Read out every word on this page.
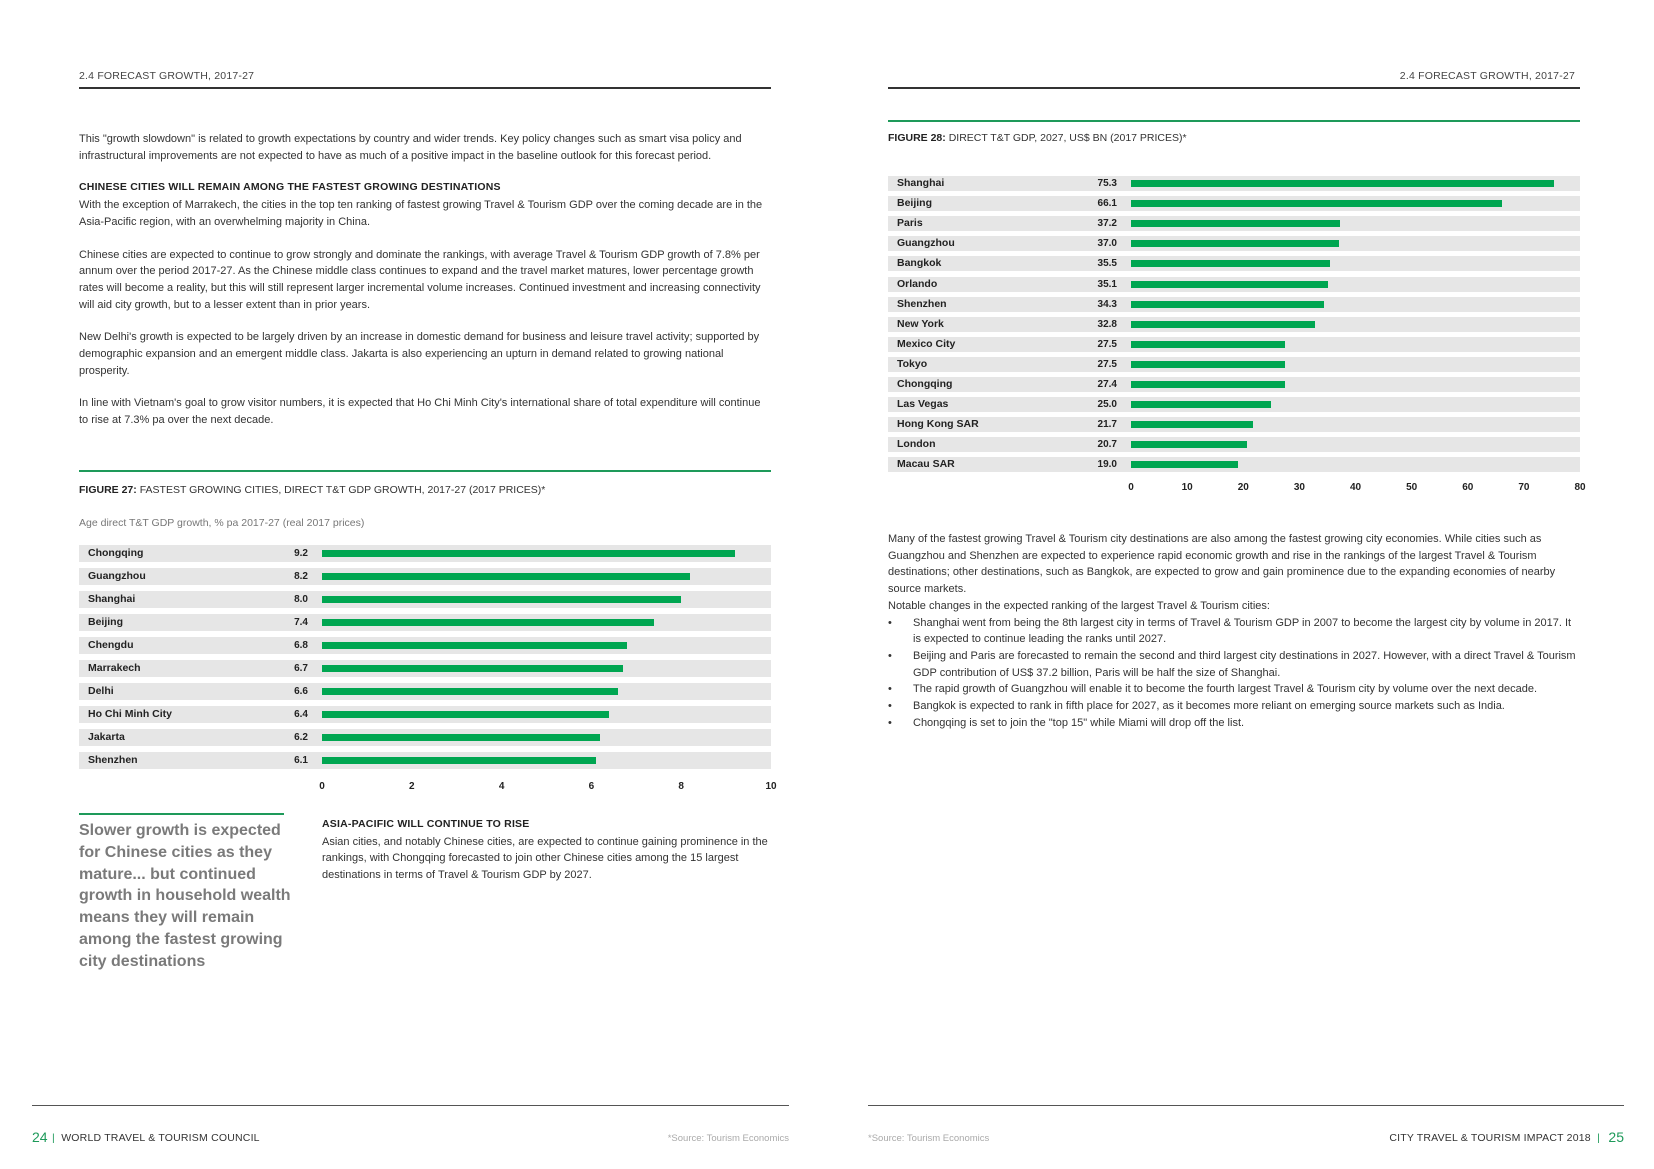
2.4 FORECAST GROWTH, 2017-27	2.4 FORECAST GROWTH, 2017-27

This "growth slowdown" is related to growth expectations by country and wider trends. Key policy changes such as smart visa policy and infrastructural improvements are not expected to have as much of a positive impact in the baseline outlook for this forecast period.

CHINESE CITIES WILL REMAIN AMONG THE FASTEST GROWING DESTINATIONS

With the exception of Marrakech, the cities in the top ten ranking of fastest growing Travel & Tourism GDP over the coming decade are in the Asia-Pacific region, with an overwhelming majority in China.

Chinese cities are expected to continue to grow strongly and dominate the rankings, with average Travel & Tourism GDP growth of 7.8% per annum over the period 2017-27. As the Chinese middle class continues to expand and the travel market matures, lower percentage growth rates will become a reality, but this will still represent larger incremental volume increases. Continued investment and increasing connectivity will aid city growth, but to a lesser extent than in prior years.

New Delhi's growth is expected to be largely driven by an increase in domestic demand for business and leisure travel activity; supported by demographic expansion and an emergent middle class. Jakarta is also experiencing an upturn in demand related to growing national prosperity.

In line with Vietnam's goal to grow visitor numbers, it is expected that Ho Chi Minh City's international share of total expenditure will continue to rise at 7.3% pa over the next decade.

FIGURE 27: FASTEST GROWING CITIES, DIRECT T&T GDP GROWTH, 2017-27 (2017 PRICES)*
Age direct T&T GDP growth, % pa 2017-27 (real 2017 prices)
Chongqing	9.2
Guangzhou	8.2
Shanghai	8.0
Beijing	7.4
Chengdu	6.8
Marrakech	6.7
Delhi	6.6
Ho Chi Minh City	6.4
Jakarta	6.2
Shenzhen	6.1
0	2	4	6	8	10
Slower growth is expected for Chinese cities as they mature... but continued growth in household wealth means they will remain among the fastest growing city destinations
ASIA-PACIFIC WILL CONTINUE TO RISE

Asian cities, and notably Chinese cities, are expected to continue gaining prominence in the rankings, with Chongqing forecasted to join other Chinese cities among the 15 largest destinations in terms of Travel & Tourism GDP by 2027.

FIGURE 28: DIRECT T&T GDP, 2027, US$ BN (2017 PRICES)*
Shanghai	75.3
Beijing	66.1
Paris	37.2
Guangzhou	37.0
Bangkok	35.5
Orlando	35.1
Shenzhen	34.3
New York	32.8
Mexico City	27.5
Tokyo	27.5
Chongqing	27.4
Las Vegas	25.0
Hong Kong SAR	21.7
London	20.7
Macau SAR	19.0
0	10	20	30	40	50	60	70	80
Many of the fastest growing Travel & Tourism city destinations are also among the fastest growing city economies. While cities such as Guangzhou and Shenzhen are expected to experience rapid economic growth and rise in the rankings of the largest Travel & Tourism destinations; other destinations, such as Bangkok, are expected to grow and gain prominence due to the expanding economies of nearby source markets.
Notable changes in the expected ranking of the largest Travel & Tourism cities:
• Shanghai went from being the 8th largest city in terms of Travel & Tourism GDP in 2007 to become the largest city by volume in 2017. It is expected to continue leading the ranks until 2027.
• Beijing and Paris are forecasted to remain the second and third largest city destinations in 2027. However, with a direct Travel & Tourism GDP contribution of US$ 37.2 billion, Paris will be half the size of Shanghai.
• The rapid growth of Guangzhou will enable it to become the fourth largest Travel & Tourism city by volume over the next decade.
• Bangkok is expected to rank in fifth place for 2027, as it becomes more reliant on emerging source markets such as India.
• Chongqing is set to join the "top 15" while Miami will drop off the list.
24 | WORLD TRAVEL & TOURISM COUNCIL	*Source: Tourism Economics	*Source: Tourism Economics	CITY TRAVEL & TOURISM IMPACT 2018 | 25
